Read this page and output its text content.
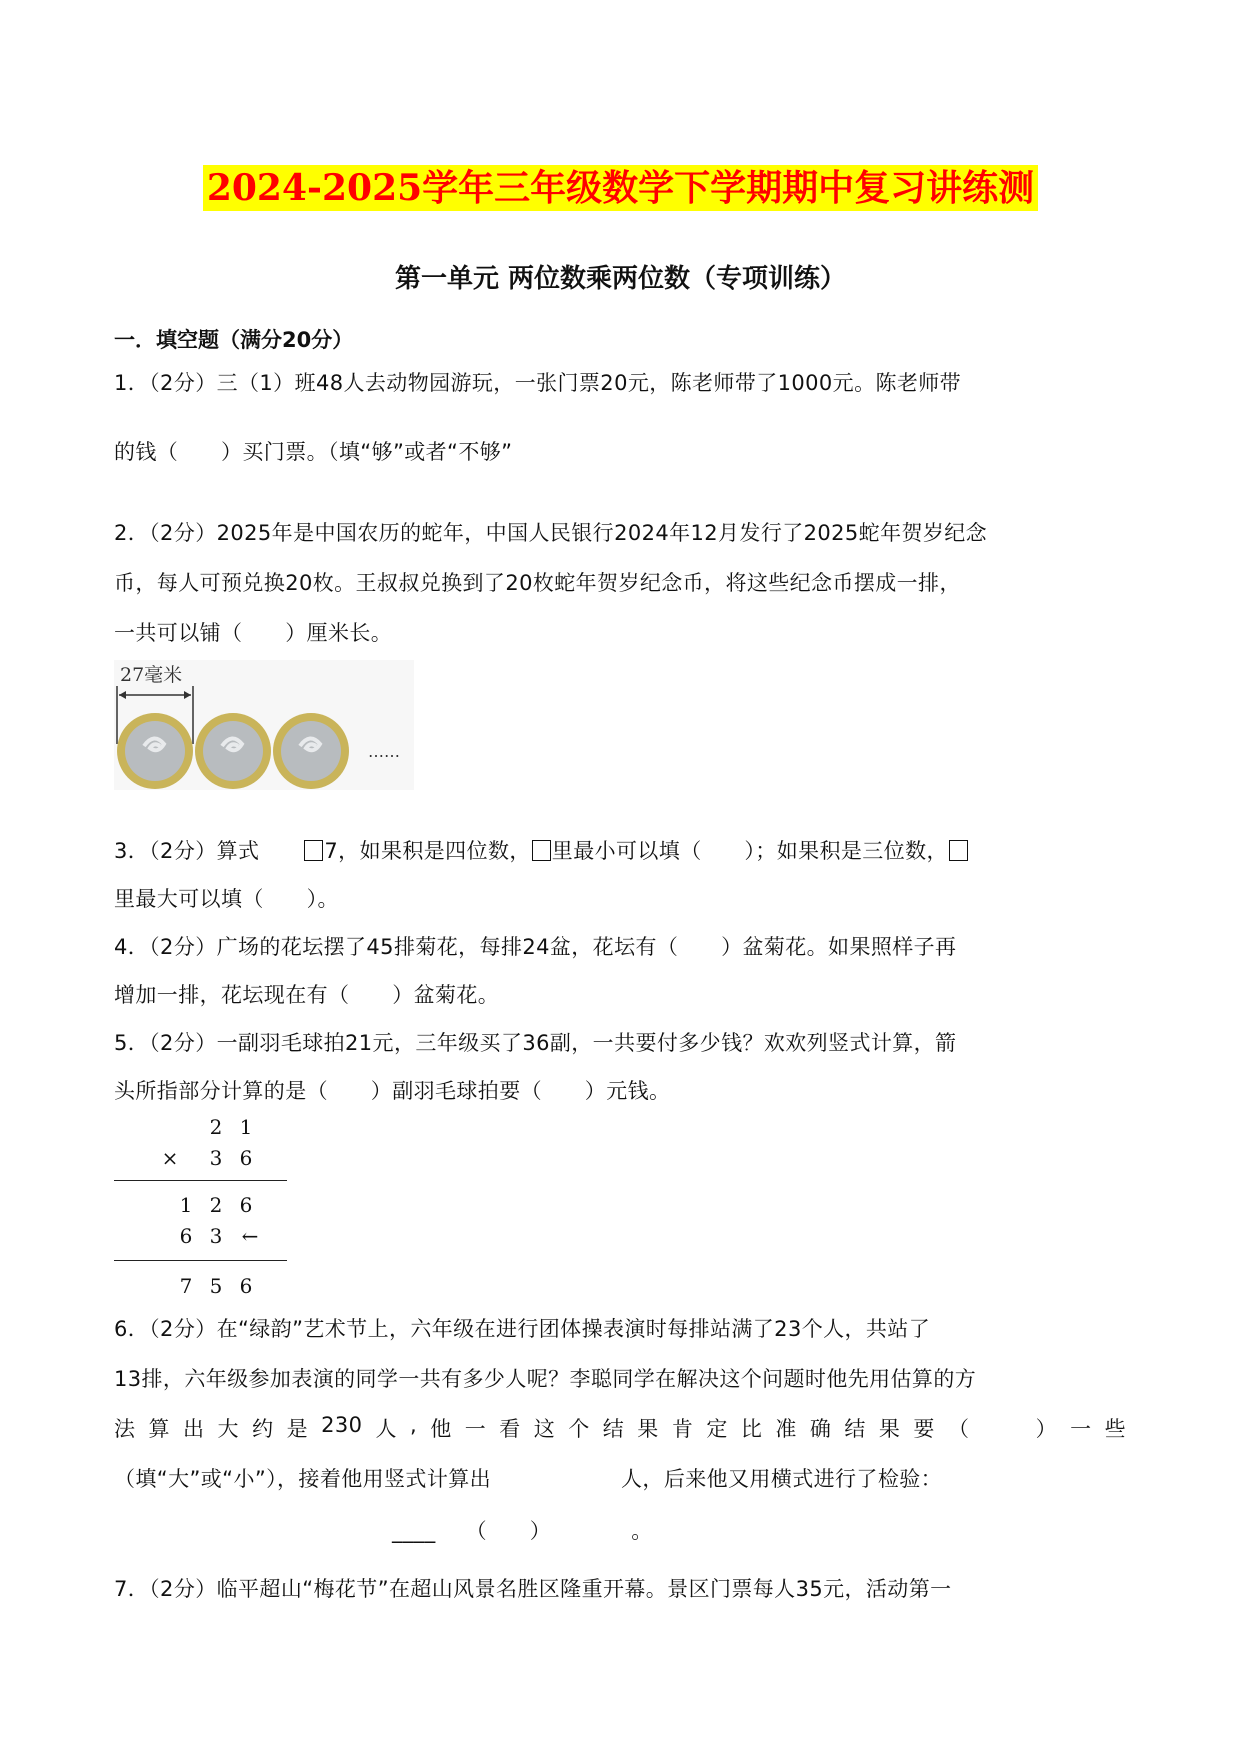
2024-2025学年三年级数学下学期期中复习讲练测
第一单元 两位数乘两位数（专项训练）
一．填空题（满分20分）
1．（2分）三（1）班48人去动物园游玩，一张门票20元，陈老师带了1000元。陈老师带
的钱（　　）买门票。（填“够”或者“不够”
2．（2分）2025年是中国农历的蛇年，中国人民银行2024年12月发行了2025蛇年贺岁纪念
币，每人可预兑换20枚。王叔叔兑换到了20枚蛇年贺岁纪念币，将这些纪念币摆成一排，
一共可以铺（　　）厘米长。
27毫米
……
3．（2分）算式	7，如果积是四位数， 里最小可以填（　　）；如果积是三位数，
里最大可以填（　　）。
4．（2分）广场的花坛摆了45排菊花，每排24盆，花坛有（　　）盆菊花。如果照样子再
增加一排，花坛现在有（　　）盆菊花。
5．（2分）一副羽毛球拍21元，三年级买了36副，一共要付多少钱？欢欢列竖式计算，箭
头所指部分计算的是（　　）副羽毛球拍要（　　）元钱。
2 1
× 3 6
1 2 6
6 3 ←
7 5 6
6．（2分）在“绿韵”艺术节上，六年级在进行团体操表演时每排站满了23个人，共站了
13排，六年级参加表演的同学一共有多少人呢？李聪同学在解决这个问题时他先用估算的方
法 算 出 大 约 是 230 人 , 他 一 看 这 个 结 果 肯 定 比 准 确 结 果 要 （	） 一 些
（填“大”或“小”），接着他用竖式计算出	人，后来他又用横式进行了检验：
____ （　　）	。
7．（2分）临平超山“梅花节”在超山风景名胜区隆重开幕。景区门票每人35元，活动第一
